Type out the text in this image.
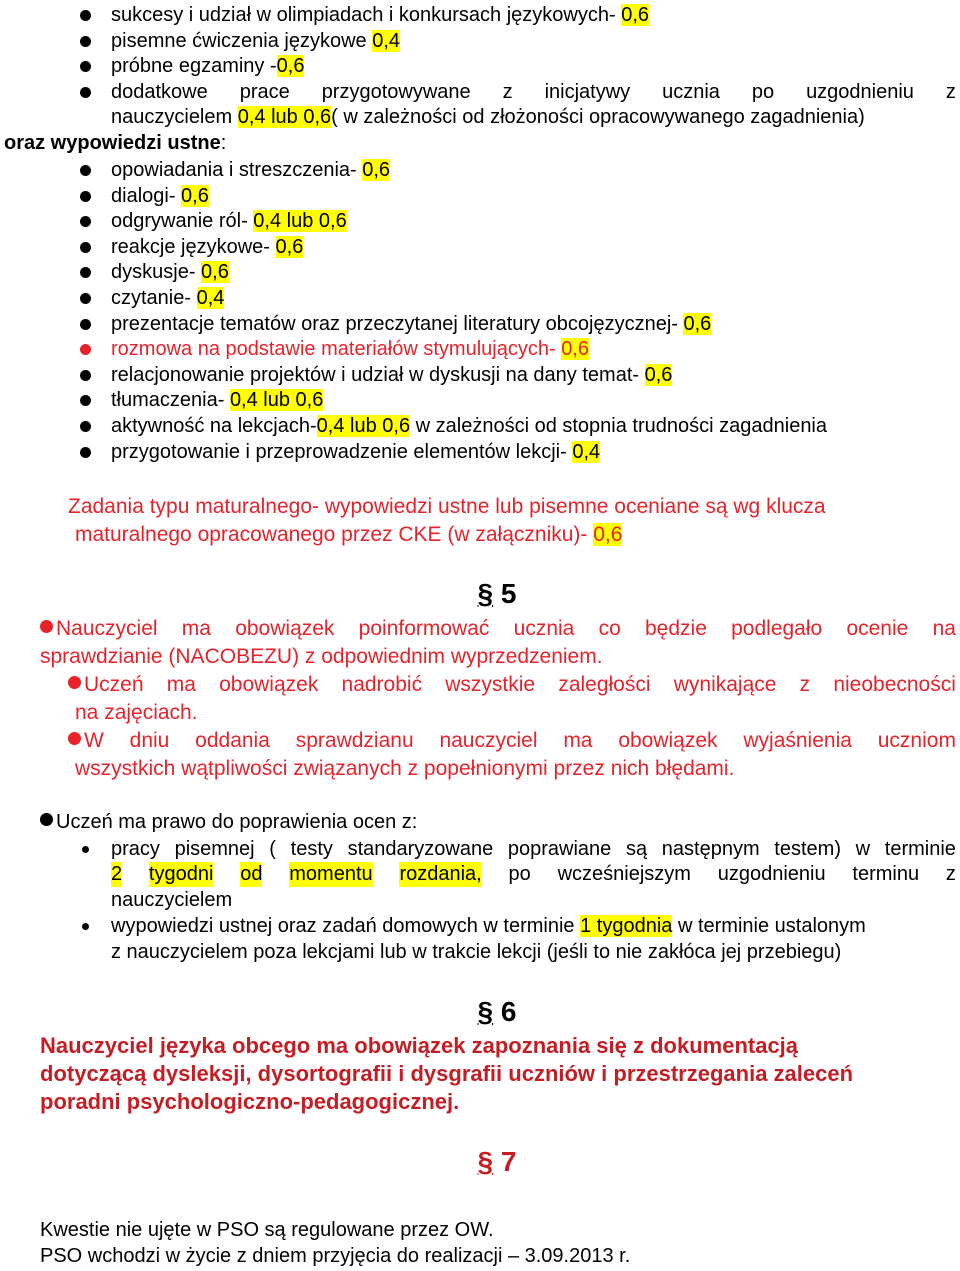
sukcesy i udział w olimpiadach i konkursach językowych- 0,6
pisemne ćwiczenia językowe 0,4
próbne egzaminy -0,6
dodatkowe prace przygotowywane z inicjatywy ucznia po uzgodnieniu z
nauczycielem 0,4 lub 0,6( w zależności od złożoności opracowywanego zagadnienia)
oraz wypowiedzi ustne:
opowiadania i streszczenia- 0,6
dialogi- 0,6
odgrywanie ról- 0,4 lub 0,6
reakcje językowe- 0,6
dyskusje- 0,6
czytanie- 0,4
prezentacje tematów oraz przeczytanej literatury obcojęzycznej- 0,6
rozmowa na podstawie materiałów stymulujących- 0,6
relacjonowanie projektów i udział w dyskusji na dany temat- 0,6
tłumaczenia- 0,4 lub 0,6
aktywność na lekcjach-0,4 lub 0,6 w zależności od stopnia trudności zagadnienia
przygotowanie i przeprowadzenie elementów lekcji- 0,4
Zadania typu maturalnego- wypowiedzi ustne lub pisemne oceniane są wg klucza
maturalnego opracowanego przez CKE (w załączniku)- 0,6
§ 5
Nauczyciel ma obowiązek poinformować ucznia co będzie podlegało ocenie na
sprawdzianie (NACOBEZU) z odpowiednim wyprzedzeniem.
Uczeń ma obowiązek nadrobić wszystkie zaległości wynikające z nieobecności
na zajęciach.
W dniu oddania sprawdzianu nauczyciel ma obowiązek wyjaśnienia uczniom
wszystkich wątpliwości związanych z popełnionymi przez nich błędami.
Uczeń ma prawo do poprawienia ocen z:
pracy pisemnej ( testy standaryzowane poprawiane są następnym testem) w terminie
2 tygodni od momentu rozdania, po wcześniejszym uzgodnieniu terminu z
nauczycielem
wypowiedzi ustnej oraz zadań domowych w terminie 1 tygodnia w terminie ustalonym
z nauczycielem poza lekcjami lub w trakcie lekcji (jeśli to nie zakłóca jej przebiegu)
§ 6
Nauczyciel języka obcego ma obowiązek zapoznania się z dokumentacją
dotyczącą dysleksji, dysortografii i dysgrafii uczniów i przestrzegania zaleceń
poradni psychologiczno-pedagogicznej.
§ 7
Kwestie nie ujęte w PSO są regulowane przez OW.
PSO wchodzi w życie z dniem przyjęcia do realizacji – 3.09.2013 r.
